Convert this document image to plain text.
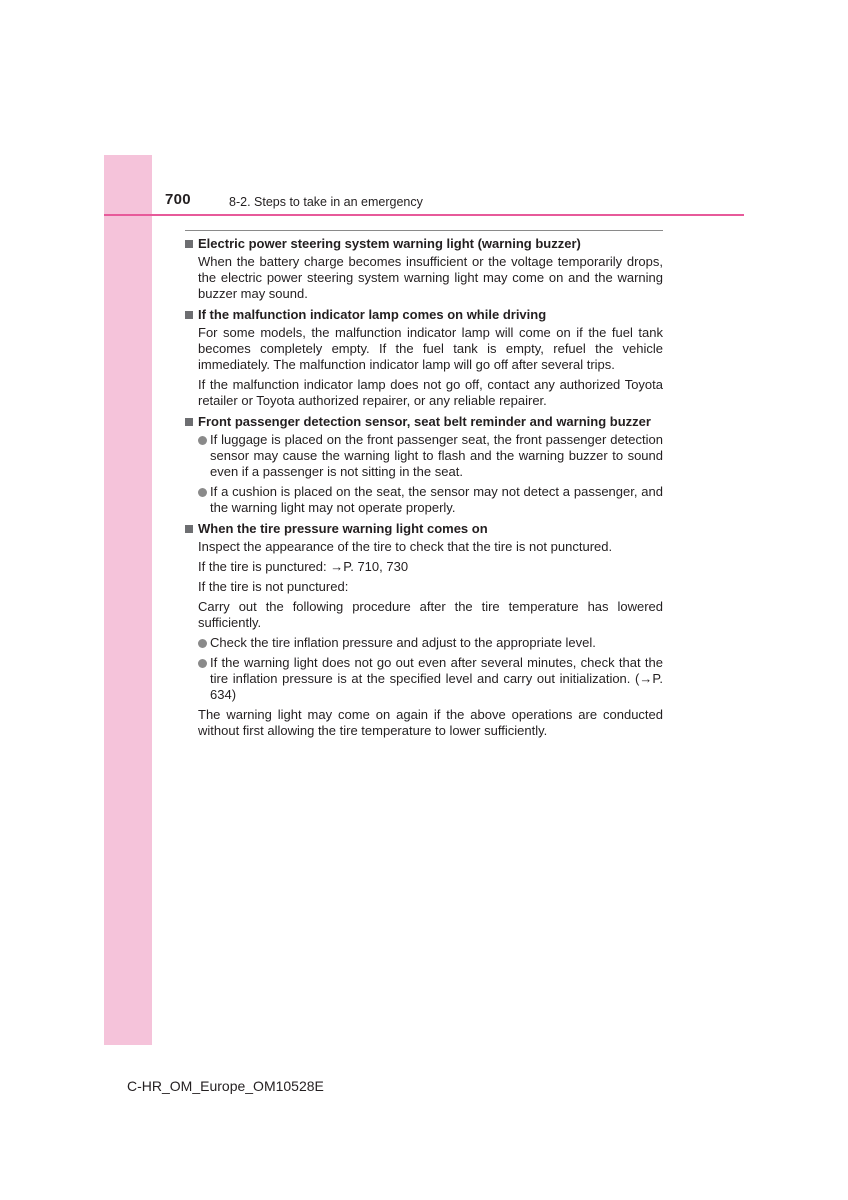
700	8-2. Steps to take in an emergency
Electric power steering system warning light (warning buzzer)

When the battery charge becomes insufficient or the voltage temporarily drops, the electric power steering system warning light may come on and the warning buzzer may sound.

If the malfunction indicator lamp comes on while driving

For some models, the malfunction indicator lamp will come on if the fuel tank becomes completely empty. If the fuel tank is empty, refuel the vehicle immediately. The malfunction indicator lamp will go off after several trips.

If the malfunction indicator lamp does not go off, contact any authorized Toyota retailer or Toyota authorized repairer, or any reliable repairer.

Front passenger detection sensor, seat belt reminder and warning buzzer
If luggage is placed on the front passenger seat, the front passenger detection sensor may cause the warning light to flash and the warning buzzer to sound even if a passenger is not sitting in the seat.
If a cushion is placed on the seat, the sensor may not detect a passenger, and the warning light may not operate properly.
When the tire pressure warning light comes on

Inspect the appearance of the tire to check that the tire is not punctured.

If the tire is punctured: →P. 710, 730

If the tire is not punctured:

Carry out the following procedure after the tire temperature has lowered sufficiently.

Check the tire inflation pressure and adjust to the appropriate level.
If the warning light does not go out even after several minutes, check that the tire inflation pressure is at the specified level and carry out initialization. (→P. 634)

The warning light may come on again if the above operations are conducted without first allowing the tire temperature to lower sufficiently.

C-HR_OM_Europe_OM10528E
